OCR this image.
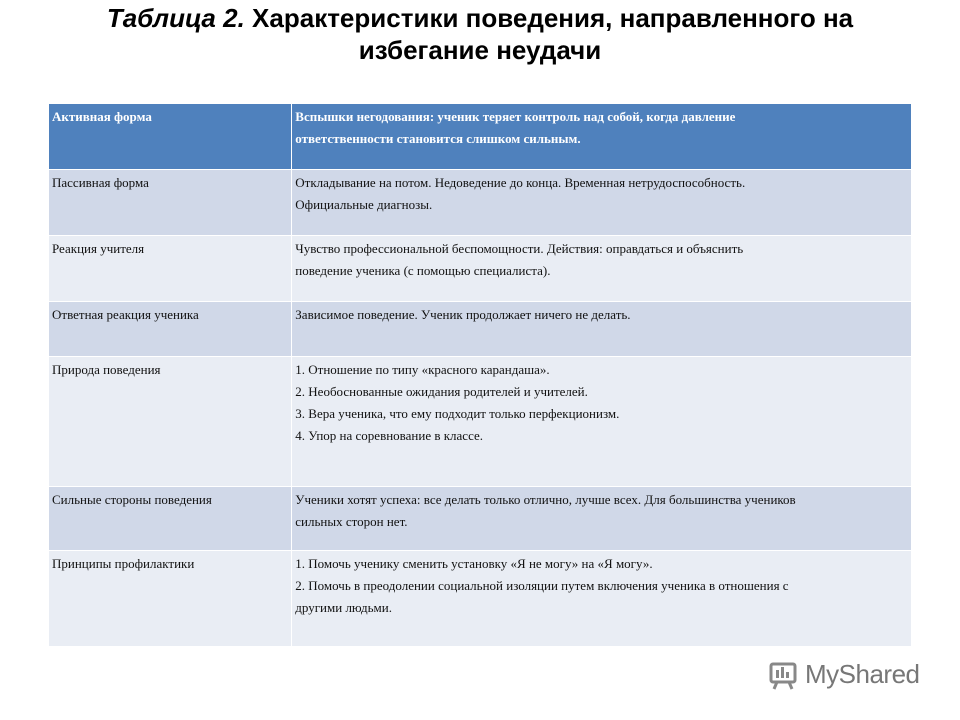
Таблица 2. Характеристики поведения, направленного на
избегание неудачи
Активная форма	Вспышки негодования: ученик теряет контроль над собой, когда давление
ответственности становится слишком сильным.

Пассивная форма	Откладывание на потом. Недоведение до конца. Временная нетрудоспособность.
Официальные диагнозы.

Реакция учителя	Чувство профессиональной беспомощности. Действия: оправдаться и объяснить
поведение ученика (с помощью специалиста).

Ответная реакция ученика	Зависимое поведение. Ученик продолжает ничего не делать.

Природа поведения	1. Отношение по типу «красного карандаша».
2. Необоснованные ожидания родителей и учителей.
3. Вера ученика, что ему подходит только перфекционизм.
4. Упор на соревнование в классе.

Сильные стороны поведения	Ученики хотят успеха: все делать только отлично, лучше всех. Для большинства учеников
сильных сторон нет.

Принципы профилактики	1. Помочь ученику сменить установку «Я не могу» на «Я могу».
2. Помочь в преодолении социальной изоляции путем включения ученика в отношения с
другими людьми.
MyShared
